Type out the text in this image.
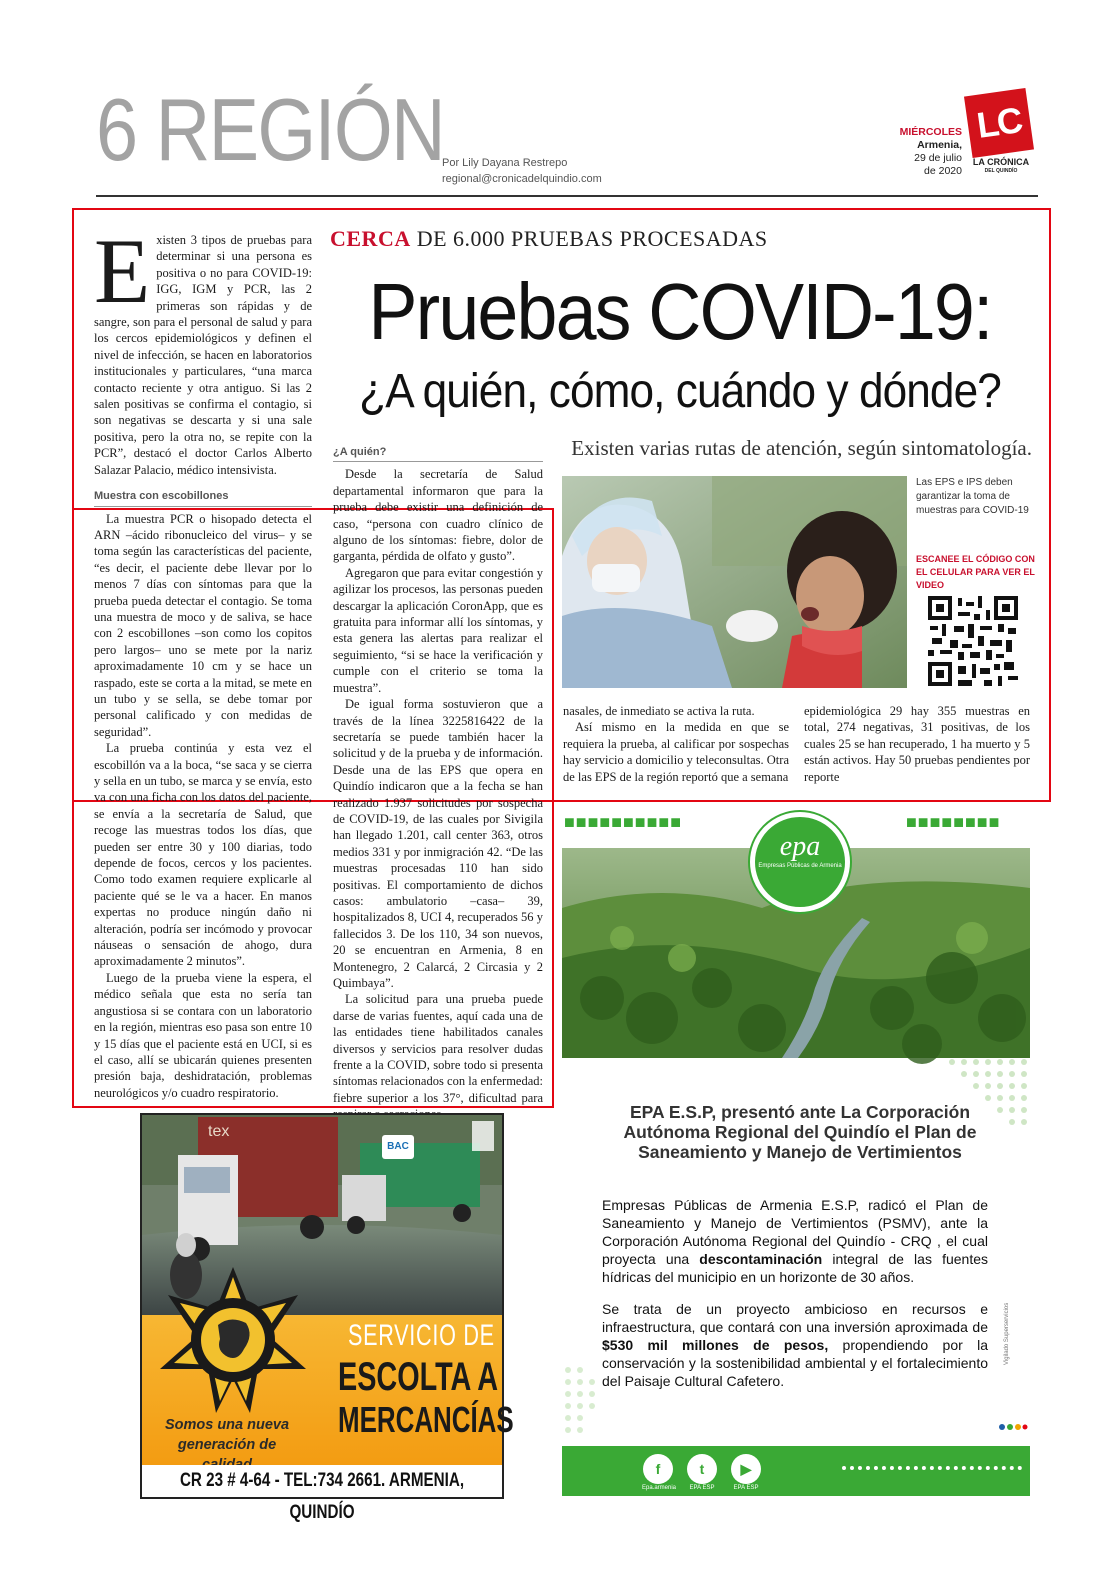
6 REGIÓN
Por Lily Dayana Restrepo
regional@cronicadelquindio.com
MIÉRCOLES
Armenia,
29 de julio
de 2020
LC
LA CRÓNICA
DEL QUINDÍO

Existen 3 tipos de pruebas para determinar si una persona es positiva o no para COVID-19: IGG, IGM y PCR, las 2 primeras son rápidas y de sangre, son para el personal de salud y para los cercos epidemiológicos y definen el nivel de infección, se hacen en laboratorios institucionales y particulares, “una marca contacto reciente y otra antiguo. Si las 2 salen positivas se confirma el contagio, si son negativas se descarta y si una sale positiva, pero la otra no, se repite con la PCR”, destacó el doctor Carlos Alberto Salazar Palacio, médico intensivista.

Muestra con escobillones

La muestra PCR o hisopado detecta el ARN –ácido ribonucleico del virus– y se toma según las características del paciente, “es decir, el paciente debe llevar por lo menos 7 días con síntomas para que la prueba pueda detectar el contagio. Se toma una muestra de moco y de saliva, se hace con 2 escobillones –son como los copitos pero largos– uno se mete por la nariz aproximadamente 10 cm y se hace un raspado, este se corta a la mitad, se mete en un tubo y se sella, se debe tomar por personal calificado y con medidas de seguridad”.

La prueba continúa y esta vez el escobillón va a la boca, “se saca y se cierra y sella en un tubo, se marca y se envía, esto va con una ficha con los datos del paciente, se envía a la secretaría de Salud, que recoge las muestras todos los días, que pueden ser entre 30 y 100 diarias, todo depende de focos, cercos y los pacientes. Como todo examen requiere explicarle al paciente qué se le va a hacer. En manos expertas no produce ningún daño ni alteración, podría ser incómodo y provocar náuseas o sensación de ahogo, dura aproximadamente 2 minutos”.

Luego de la prueba viene la espera, el médico señala que esta no sería tan angustiosa si se contara con un laboratorio en la región, mientras eso pasa son entre 10 y 15 días que el paciente está en UCI, si es el caso, allí se ubicarán quienes presenten presión baja, deshidratación, problemas neurológicos y/o cuadro respiratorio.

CERCA DE 6.000 PRUEBAS PROCESADAS
Pruebas COVID-19:
¿A quién, cómo, cuándo y dónde?
Existen varias rutas de atención, según sintomatología.
¿A quién?

Desde la secretaría de Salud departamental informaron que para la prueba debe existir una definición de caso, “persona con cuadro clínico de alguno de los síntomas: fiebre, dolor de garganta, pérdida de olfato y gusto”.

Agregaron que para evitar congestión y agilizar los procesos, las personas pueden descargar la aplicación CoronApp, que es gratuita para informar allí los síntomas, y esta genera las alertas para realizar el seguimiento, “si se hace la verificación y cumple con el criterio se toma la muestra”.

De igual forma sostuvieron que a través de la línea 3225816422 de la secretaría se puede también hacer la solicitud y de la prueba y de información. Desde una de las EPS que opera en Quindío indicaron que a la fecha se han realizado 1.937 solicitudes por sospecha de COVID-19, de las cuales por Sivigila han llegado 1.201, call center 363, otros medios 331 y por inmigración 42. “De las muestras procesadas 110 han sido positivas. El comportamiento de dichos casos: ambulatorio –casa– 39, hospitalizados 8, UCI 4, recuperados 56 y fallecidos 3. De los 110, 34 son nuevos, 20 se encuentran en Armenia, 8 en Montenegro, 2 Calarcá, 2 Circasia y 2 Quimbaya”.

La solicitud para una prueba puede darse de varias fuentes, aquí cada una de las entidades tiene habilitados canales diversos y servicios para resolver dudas frente a la COVID, sobre todo si presenta síntomas relacionados con la enfermedad: fiebre superior a los 37°, dificultad para

Las EPS e IPS deben garantizar la toma de muestras para COVID-19
ESCANEE EL CÓDIGO CON EL CELULAR PARA VER EL VIDEO

nasales, de inmediato se activa la ruta.

Así mismo en la medida en que se requiera la prueba, al calificar por sospechas hay servicio a domicilio y teleconsultas. Otra de las EPS de la región reportó que a semana

epidemiológica 29 hay 355 muestras en total, 274 negativas, 31 positivas, de los cuales 25 se han recuperado, 1 ha muerto y 5 están activos. Hay 50 pruebas pendientes por reporte

■■■■■■■■■■	■■■■■■■■
epa
Empresas Públicas de Armenia
EPA E.S.P, presentó ante La Corporación Autónoma Regional del Quindío el Plan de Saneamiento y Manejo de Vertimientos

Empresas Públicas de Armenia E.S.P, radicó el Plan de Saneamiento y Manejo de Vertimientos (PSMV), ante la Corporación Autónoma Regional del Quindío - CRQ , el cual proyecta una descontaminación integral de las fuentes hídricas del municipio en un horizonte de 30 años.

Se trata de un proyecto ambicioso en recursos e infraestructura, que contará con una inversión aproximada de $530 mil millones de pesos, propendiendo por la conservación y la sostenibilidad ambiental y el fortalecimiento del Paisaje Cultural Cafetero.

Vigilado Superservicios
f
Epa.armenia
t
EPA ESP
▶
EPA ESP
tex
BAC
SERVICIO DE
ESCOLTA A
MERCANCÍAS
Somos una nueva generación de
CR 23 # 4-64 - TEL:734 2661. ARMENIA, QUINDÍO
